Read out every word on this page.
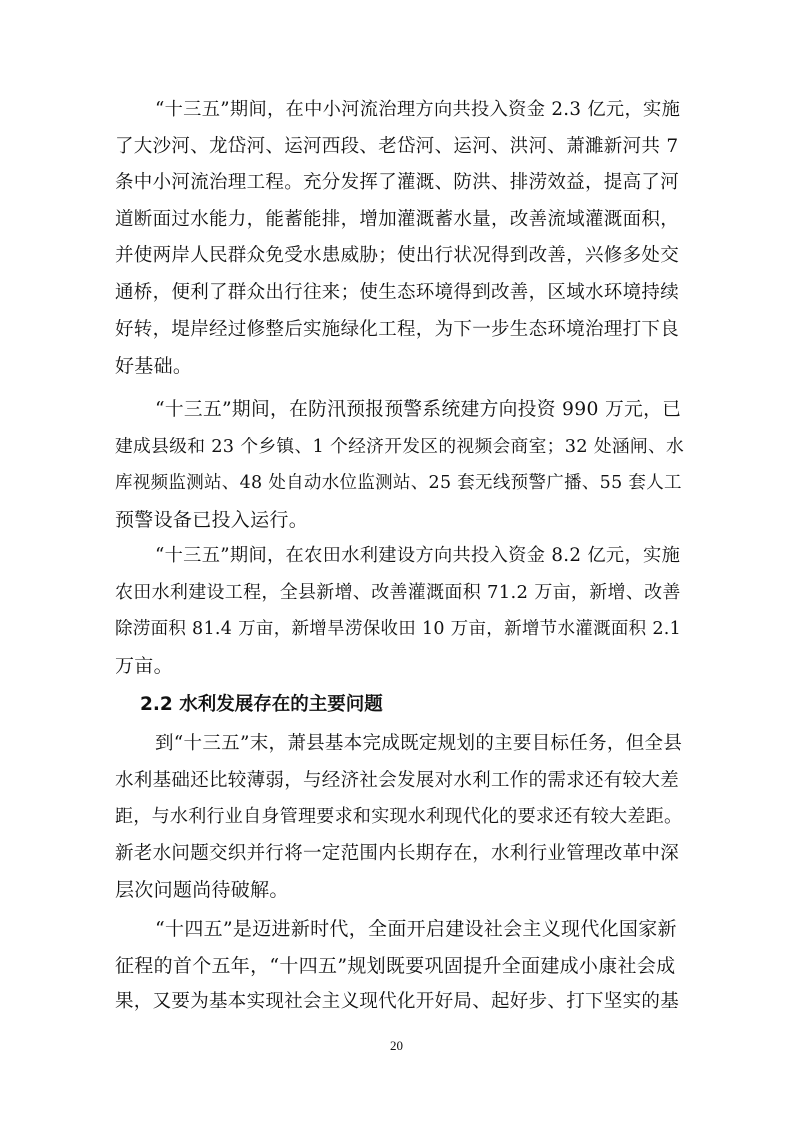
“十三五”期间，在中小河流治理方向共投入资金 2.3 亿元，实施
了大沙河、龙岱河、运河西段、老岱河、运河、洪河、萧濉新河共 7
条中小河流治理工程。充分发挥了灌溉、防洪、排涝效益，提高了河
道断面过水能力，能蓄能排，增加灌溉蓄水量，改善流域灌溉面积，
并使两岸人民群众免受水患威胁；使出行状况得到改善，兴修多处交
通桥，便利了群众出行往来；使生态环境得到改善，区域水环境持续
好转，堤岸经过修整后实施绿化工程，为下一步生态环境治理打下良
好基础。
“十三五”期间，在防汛预报预警系统建方向投资 990 万元，已
建成县级和 23 个乡镇、1 个经济开发区的视频会商室；32 处涵闸、水
库视频监测站、48 处自动水位监测站、25 套无线预警广播、55 套人工
预警设备已投入运行。
“十三五”期间，在农田水利建设方向共投入资金 8.2 亿元，实施
农田水利建设工程，全县新增、改善灌溉面积 71.2 万亩，新增、改善
除涝面积 81.4 万亩，新增旱涝保收田 10 万亩，新增节水灌溉面积 2.1
万亩。
2.2 水利发展存在的主要问题
到“十三五”末，萧县基本完成既定规划的主要目标任务，但全县
水利基础还比较薄弱，与经济社会发展对水利工作的需求还有较大差
距，与水利行业自身管理要求和实现水利现代化的要求还有较大差距。
新老水问题交织并行将一定范围内长期存在，水利行业管理改革中深
层次问题尚待破解。
“十四五”是迈进新时代，全面开启建设社会主义现代化国家新
征程的首个五年，“十四五”规划既要巩固提升全面建成小康社会成
果，又要为基本实现社会主义现代化开好局、起好步、打下坚实的基
20
